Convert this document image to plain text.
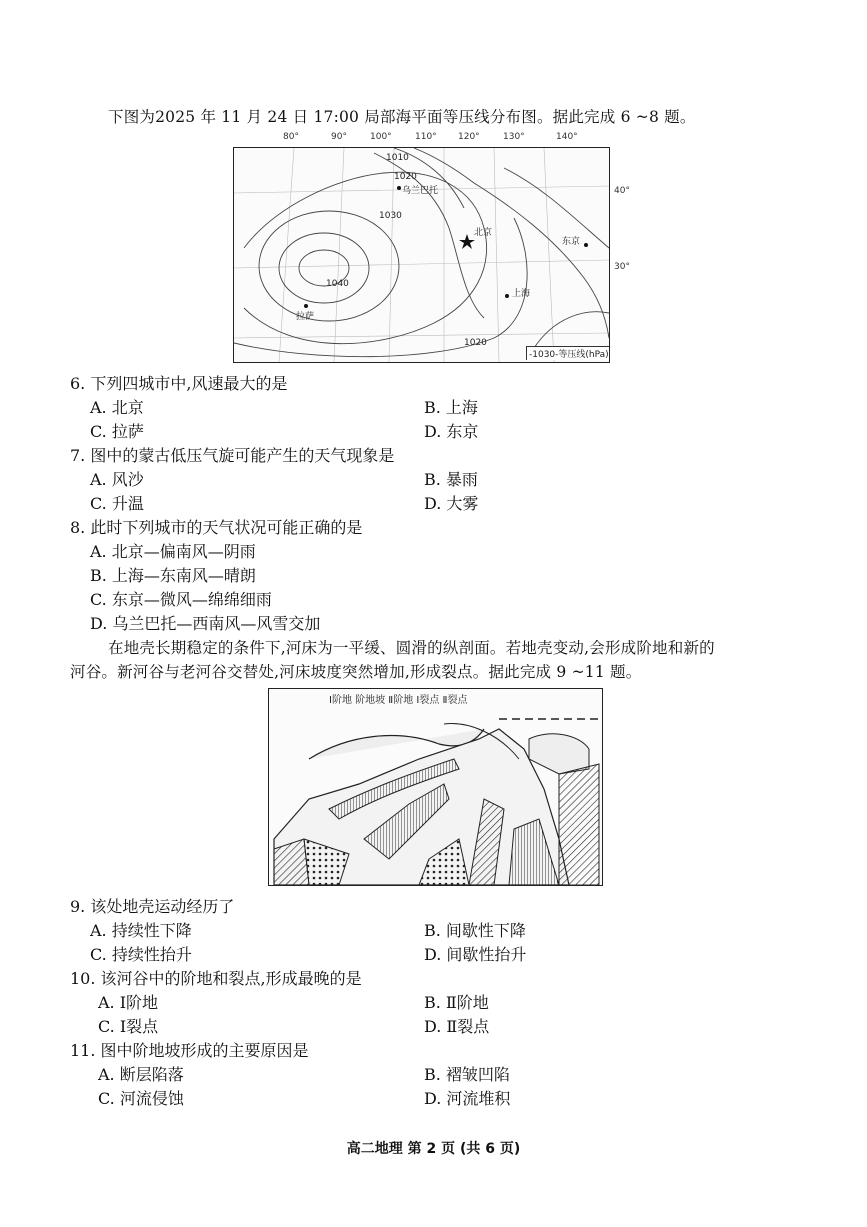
下图为2025 年 11 月 24 日 17:00 局部海平面等压线分布图。据此完成 6 ~8 题。
80°	90°	100°	110° 120°	130°	140°
1010
1020
1030
1040
1020
乌兰巴托
北京
东京
上海
拉萨
-1030-等压线(hPa)
40°
30°
6. 下列四城市中,风速最大的是
A. 北京	B. 上海
C. 拉萨	D. 东京
7. 图中的蒙古低压气旋可能产生的天气现象是
A. 风沙	B. 暴雨
C. 升温	D. 大雾
8. 此时下列城市的天气状况可能正确的是
A. 北京—偏南风—阴雨
B. 上海—东南风—晴朗
C. 东京—微风—绵绵细雨
D. 乌兰巴托—西南风—风雪交加
在地壳长期稳定的条件下,河床为一平缓、圆滑的纵剖面。若地壳变动,会形成阶地和新的
河谷。新河谷与老河谷交替处,河床坡度突然增加,形成裂点。据此完成 9 ~11 题。
Ⅰ阶地 阶地坡 Ⅱ阶地 Ⅰ裂点 Ⅱ裂点
9. 该处地壳运动经历了
A. 持续性下降	B. 间歇性下降
C. 持续性抬升	D. 间歇性抬升
10. 该河谷中的阶地和裂点,形成最晚的是
A. Ⅰ阶地	B. Ⅱ阶地
C. Ⅰ裂点	D. Ⅱ裂点
11. 图中阶地坡形成的主要原因是
A. 断层陷落	B. 褶皱凹陷
C. 河流侵蚀	D. 河流堆积
高二地理 第 2 页 (共 6 页)
